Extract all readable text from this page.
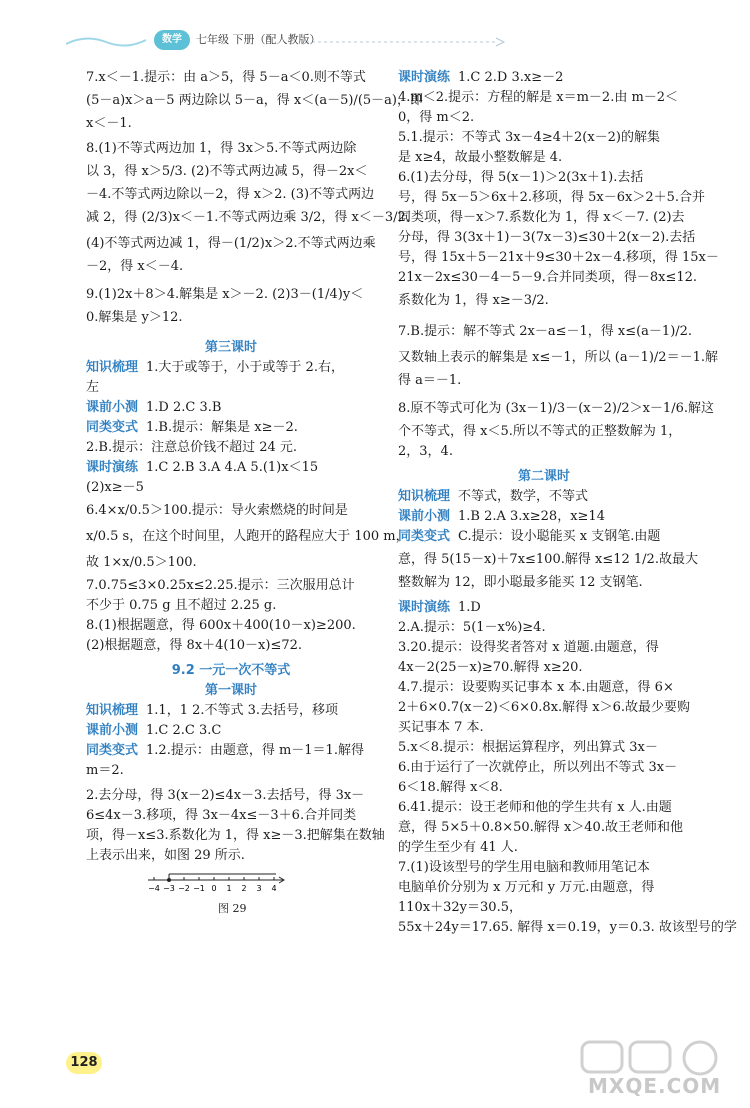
数学	七年级 下册（配人教版）

7.x＜－1.提示：由 a＞5，得 5－a＜0.则不等式

(5－a)x＞a－5 两边除以 5－a，得 x＜(a－5)/(5－a)，即

x＜－1.

8.(1)不等式两边加 1，得 3x＞5.不等式两边除

以 3，得 x＞5/3. (2)不等式两边减 5，得－2x＜

－4.不等式两边除以－2，得 x＞2. (3)不等式两边

减 2，得 (2/3)x＜－1.不等式两边乘 3/2，得 x＜－3/2.

(4)不等式两边减 1，得－(1/2)x＞2.不等式两边乘

－2，得 x＜－4.

9.(1)2x＋8＞4.解集是 x＞－2. (2)3－(1/4)y＜

0.解集是 y＞12.

第三课时

知识梳理 1.大于或等于，小于或等于 2.右，

左

课前小测 1.D 2.C 3.B

同类变式 1.B.提示：解集是 x≥－2.

2.B.提示：注意总价钱不超过 24 元.

课时演练 1.C 2.B 3.A 4.A 5.(1)x＜15

(2)x≥－5

6.4×x/0.5＞100.提示：导火索燃烧的时间是

x/0.5 s，在这个时间里，人跑开的路程应大于 100 m，

故 1×x/0.5＞100.

7.0.75≤3×0.25x≤2.25.提示：三次服用总计

不少于 0.75 g 且不超过 2.25 g.

8.(1)根据题意，得 600x＋400(10－x)≥200.

(2)根据题意，得 8x＋4(10－x)≤72.

9.2 一元一次不等式

第一课时

知识梳理 1.1，1 2.不等式 3.去括号，移项

课前小测 1.C 2.C 3.C

同类变式 1.2.提示：由题意，得 m－1＝1.解得

m＝2.

2.去分母，得 3(x－2)≤4x－3.去括号，得 3x－

6≤4x－3.移项，得 3x－4x≤－3＋6.合并同类

项，得－x≤3.系数化为 1，得 x≥－3.把解集在数轴

上表示出来，如图 29 所示.

−4 −3 −2 −1 0 1 2 3 4
图 29

课时演练 1.C 2.D 3.x≥－2

4.m＜2.提示：方程的解是 x＝m－2.由 m－2＜

0，得 m＜2.

5.1.提示：不等式 3x－4≥4＋2(x－2)的解集

是 x≥4，故最小整数解是 4.

6.(1)去分母，得 5(x－1)＞2(3x＋1).去括

号，得 5x－5＞6x＋2.移项，得 5x－6x＞2＋5.合并

同类项，得－x＞7.系数化为 1，得 x＜－7. (2)去

分母，得 3(3x＋1)－3(7x－3)≤30＋2(x－2).去括

号，得 15x＋5－21x＋9≤30＋2x－4.移项，得 15x－

21x－2x≤30－4－5－9.合并同类项，得－8x≤12.

系数化为 1，得 x≥－3/2.

7.B.提示：解不等式 2x－a≤－1，得 x≤(a－1)/2.

又数轴上表示的解集是 x≤－1，所以 (a－1)/2＝－1.解

得 a＝－1.

8.原不等式可化为 (3x－1)/3－(x－2)/2＞x－1/6.解这

个不等式，得 x＜5.所以不等式的正整数解为 1，

2，3，4.

第二课时

知识梳理 不等式，数学，不等式

课前小测 1.B 2.A 3.x≥28，x≥14

同类变式 C.提示：设小聪能买 x 支钢笔.由题

意，得 5(15－x)＋7x≤100.解得 x≤12 1/2.故最大

整数解为 12，即小聪最多能买 12 支钢笔.

课时演练 1.D

2.A.提示：5(1－x%)≥4.

3.20.提示：设得奖者答对 x 道题.由题意，得

4x－2(25－x)≥70.解得 x≥20.

4.7.提示：设要购买记事本 x 本.由题意，得 6×

2＋6×0.7(x－2)＜6×0.8x.解得 x＞6.故最少要购

买记事本 7 本.

5.x＜8.提示：根据运算程序，列出算式 3x－

6.由于运行了一次就停止，所以列出不等式 3x－

6＜18.解得 x＜8.

6.41.提示：设王老师和他的学生共有 x 人.由题

意，得 5×5＋0.8×50.解得 x＞40.故王老师和他

的学生至少有 41 人.

7.(1)设该型号的学生用电脑和教师用笔记本

电脑单价分别为 x 万元和 y 万元.由题意，得

110x＋32y＝30.5，

55x＋24y＝17.65. 解得 x＝0.19，y＝0.3. 故该型号的学

128
MXQE.COM
